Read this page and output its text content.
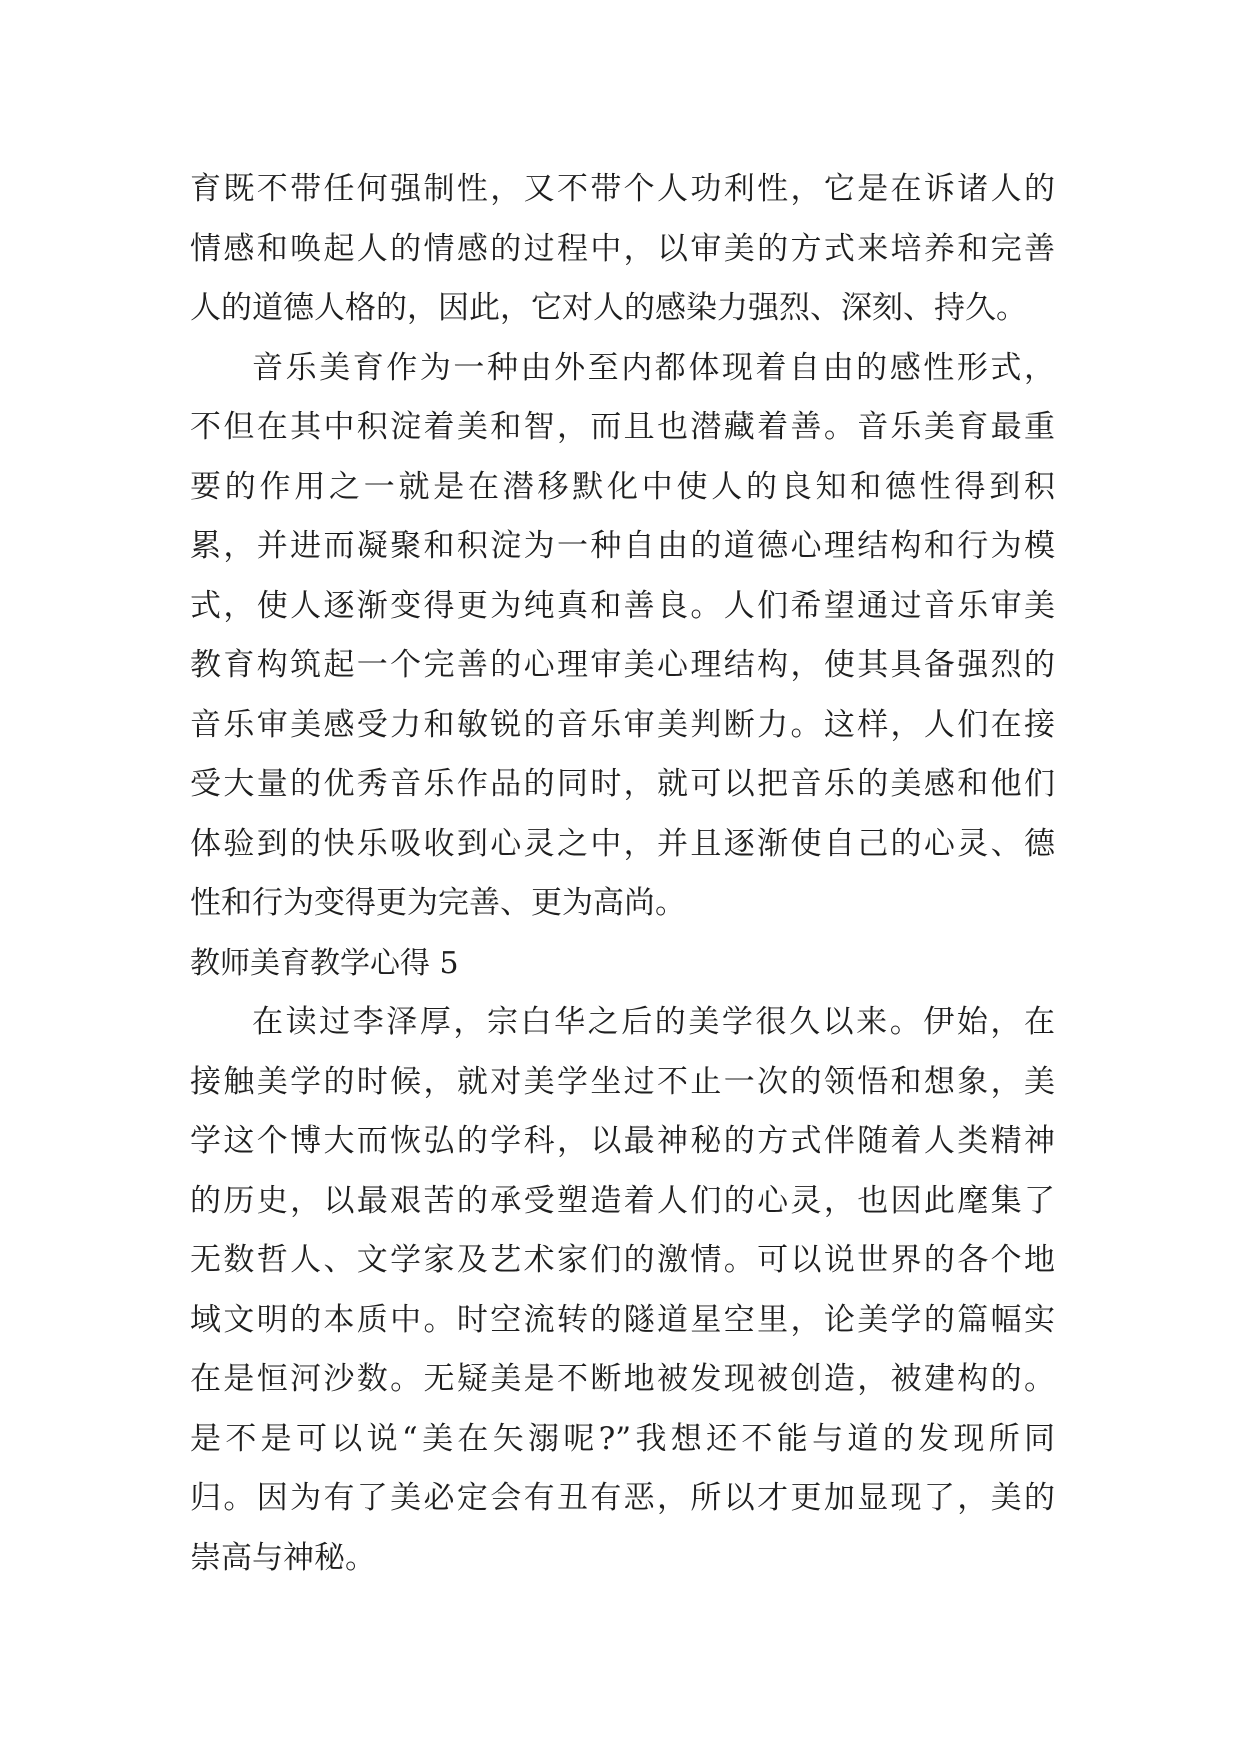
育既不带任何强制性，又不带个人功利性，它是在诉诸人的
情感和唤起人的情感的过程中，以审美的方式来培养和完善
人的道德人格的，因此，它对人的感染力强烈、深刻、持久。
音乐美育作为一种由外至内都体现着自由的感性形式，
不但在其中积淀着美和智，而且也潜藏着善。音乐美育最重
要的作用之一就是在潜移默化中使人的良知和德性得到积
累，并进而凝聚和积淀为一种自由的道德心理结构和行为模
式，使人逐渐变得更为纯真和善良。人们希望通过音乐审美
教育构筑起一个完善的心理审美心理结构，使其具备强烈的
音乐审美感受力和敏锐的音乐审美判断力。这样，人们在接
受大量的优秀音乐作品的同时，就可以把音乐的美感和他们
体验到的快乐吸收到心灵之中，并且逐渐使自己的心灵、德
性和行为变得更为完善、更为高尚。
教师美育教学心得 5
在读过李泽厚，宗白华之后的美学很久以来。伊始，在
接触美学的时候，就对美学坐过不止一次的领悟和想象，美
学这个博大而恢弘的学科，以最神秘的方式伴随着人类精神
的历史，以最艰苦的承受塑造着人们的心灵，也因此麾集了
无数哲人、文学家及艺术家们的激情。可以说世界的各个地
域文明的本质中。时空流转的隧道星空里，论美学的篇幅实
在是恒河沙数。无疑美是不断地被发现被创造，被建构的。
是不是可以说“美在矢溺呢?”我想还不能与道的发现所同
归。因为有了美必定会有丑有恶，所以才更加显现了，美的
崇高与神秘。
